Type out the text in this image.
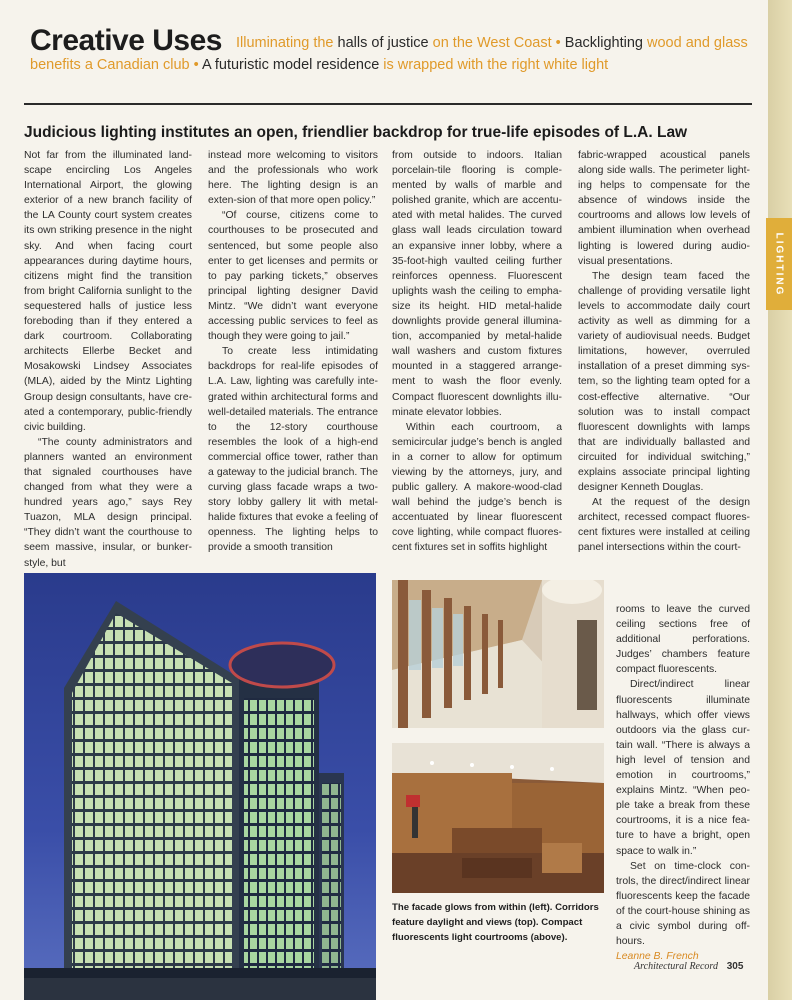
LIGHTING
Creative Uses Illuminating the halls of justice on the West Coast • Backlighting wood and glass benefits a Canadian club • A futuristic model residence is wrapped with the right white light
Judicious lighting institutes an open, friendlier backdrop for true-life episodes of L.A. Law

Not far from the illuminated land-scape encircling Los Angeles International Airport, the glowing exterior of a new branch facility of the LA County court system creates its own striking presence in the night sky. And when facing court appearances during daytime hours, citizens might find the transition from bright California sunlight to the sequestered halls of justice less foreboding than if they entered a dark courtroom. Collaborating architects Ellerbe Becket and Mosakowski Lindsey Associates (MLA), aided by the Mintz Lighting Group design consultants, have cre-ated a contemporary, public-friendly civic building.

“The county administrators and planners wanted an environment that signaled courthouses have changed from what they were a hundred years ago,” says Rey Tuazon, MLA design principal. “They didn’t want the courthouse to seem massive, insular, or bunker-style, but

instead more welcoming to visitors and the professionals who work here. The lighting design is an exten-sion of that more open policy.”

“Of course, citizens come to courthouses to be prosecuted and sentenced, but some people also enter to get licenses and permits or to pay parking tickets,” observes principal lighting designer David Mintz. “We didn’t want everyone accessing public services to feel as though they were going to jail.”

To create less intimidating backdrops for real-life episodes of L.A. Law, lighting was carefully inte-grated within architectural forms and well-detailed materials. The entrance to the 12-story courthouse resembles the look of a high-end commercial office tower, rather than a gateway to the judicial branch. The curving glass facade wraps a two-story lobby gallery lit with metal-halide fixtures that evoke a feeling of openness. The lighting helps to provide a smooth transition

from outside to indoors. Italian porcelain-tile flooring is comple-mented by walls of marble and polished granite, which are accentu-ated with metal halides. The curved glass wall leads circulation toward an expansive inner lobby, where a 35-foot-high vaulted ceiling further reinforces openness. Fluorescent uplights wash the ceiling to empha-size its height. HID metal-halide downlights provide general illumina-tion, accompanied by metal-halide wall washers and custom fixtures mounted in a staggered arrange-ment to wash the floor evenly. Compact fluorescent downlights illu-minate elevator lobbies.

Within each courtroom, a semicircular judge’s bench is angled in a corner to allow for optimum viewing by the attorneys, jury, and public gallery. A makore-wood-clad wall behind the judge’s bench is accentuated by linear fluorescent cove lighting, while compact fluores-cent fixtures set in soffits highlight

fabric-wrapped acoustical panels along side walls. The perimeter light-ing helps to compensate for the absence of windows inside the courtrooms and allows low levels of ambient illumination when overhead lighting is lowered during audio-visual presentations.

The design team faced the challenge of providing versatile light levels to accommodate daily court activity as well as dimming for a variety of audiovisual needs. Budget limitations, however, overruled installation of a preset dimming sys-tem, so the lighting team opted for a cost-effective alternative. “Our solution was to install compact fluorescent downlights with lamps that are individually ballasted and circuited for individual switching,” explains associate principal lighting designer Kenneth Douglas.

At the request of the design architect, recessed compact fluores-cent fixtures were installed at ceiling panel intersections within the court-

rooms to leave the curved ceiling sections free of additional perforations. Judges’ chambers feature compact fluorescents.

Direct/indirect linear fluorescents illuminate hallways, which offer views outdoors via the glass cur-tain wall. “There is always a high level of tension and emotion in courtrooms,” explains Mintz. “When peo-ple take a break from these courtrooms, it is a nice fea-ture to have a bright, open space to walk in.”

Set on time-clock con-trols, the direct/indirect linear fluorescents keep the facade of the court-house shining as a civic symbol during off-hours.

Leanne B. French

The facade glows from within (left). Corridors feature daylight and views (top). Compact fluorescents light courtrooms (above).
Architectural Record 305
